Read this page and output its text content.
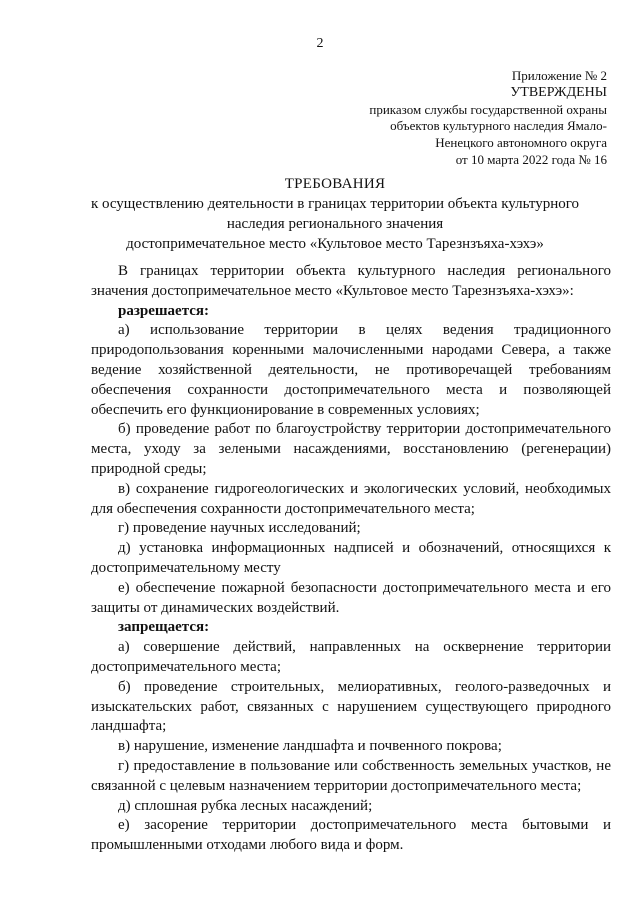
2
Приложение № 2
УТВЕРЖДЕНЫ
приказом службы государственной охраны
объектов культурного наследия Ямало-
Ненецкого автономного округа
от 10 марта 2022 года № 16
ТРЕБОВАНИЯ
к осуществлению деятельности в границах территории объекта культурного
наследия регионального значения
достопримечательное место «Культовое место Тарезнзъяха-хэхэ»

В границах территории объекта культурного наследия регионального значения достопримечательное место «Культовое место Тарезнзъяха-хэхэ»:

разрешается:

а) использование территории в целях ведения традиционного природопользования коренными малочисленными народами Севера, а также ведение хозяйственной деятельности, не противоречащей требованиям обеспечения сохранности достопримечательного места и позволяющей обеспечить его функционирование в современных условиях;

б) проведение работ по благоустройству территории достопримечательного места, уходу за зелеными насаждениями, восстановлению (регенерации) природной среды;

в) сохранение гидрогеологических и экологических условий, необходимых для обеспечения сохранности достопримечательного места;

г) проведение научных исследований;

д) установка информационных надписей и обозначений, относящихся к достопримечательному месту

е) обеспечение пожарной безопасности достопримечательного места и его защиты от динамических воздействий.

запрещается:

а) совершение действий, направленных на осквернение территории достопримечательного места;

б) проведение строительных, мелиоративных, геолого-разведочных и изыскательских работ, связанных с нарушением существующего природного ландшафта;

в) нарушение, изменение ландшафта и почвенного покрова;

г) предоставление в пользование или собственность земельных участков, не связанной с целевым назначением территории достопримечательного места;

д) сплошная рубка лесных насаждений;

е) засорение территории достопримечательного места бытовыми и промышленными отходами любого вида и форм.
